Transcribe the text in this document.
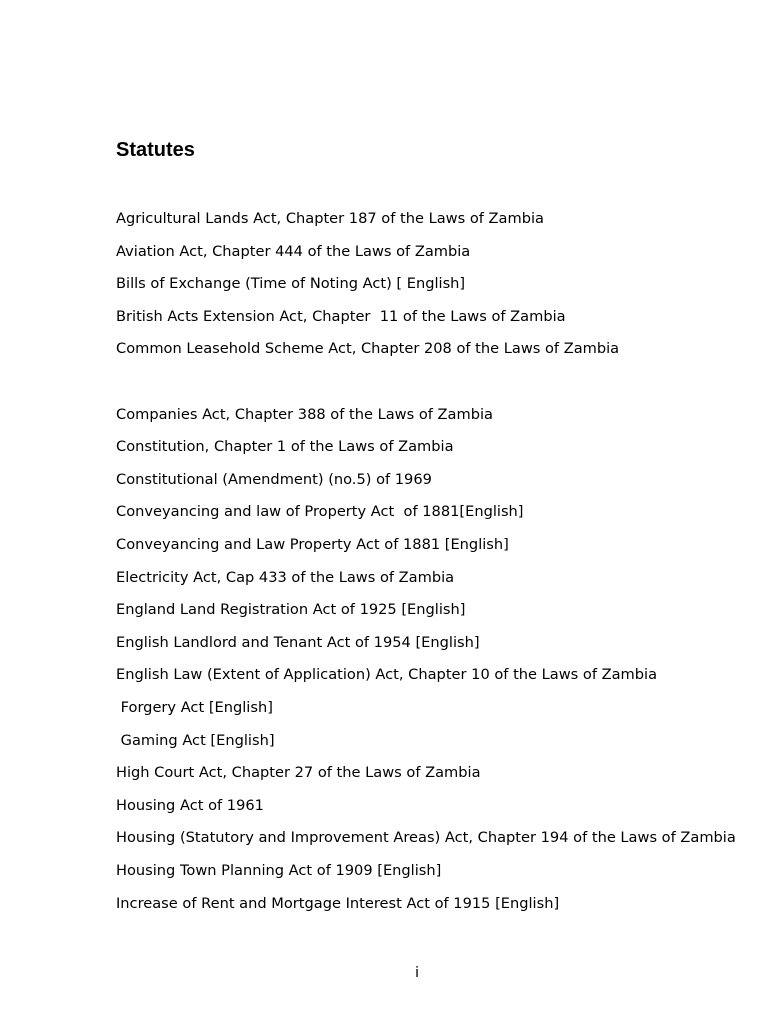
Statutes
Agricultural Lands Act, Chapter 187 of the Laws of Zambia
Aviation Act, Chapter 444 of the Laws of Zambia
Bills of Exchange (Time of Noting Act) [ English]
British Acts Extension Act, Chapter  11 of the Laws of Zambia
Common Leasehold Scheme Act, Chapter 208 of the Laws of Zambia
Companies Act, Chapter 388 of the Laws of Zambia
Constitution, Chapter 1 of the Laws of Zambia
Constitutional (Amendment) (no.5) of 1969
Conveyancing and law of Property Act  of 1881[English]
Conveyancing and Law Property Act of 1881 [English]
Electricity Act, Cap 433 of the Laws of Zambia
England Land Registration Act of 1925 [English]
English Landlord and Tenant Act of 1954 [English]
English Law (Extent of Application) Act, Chapter 10 of the Laws of Zambia
Forgery Act [English]
Gaming Act [English]
High Court Act, Chapter 27 of the Laws of Zambia
Housing Act of 1961
Housing (Statutory and Improvement Areas) Act, Chapter 194 of the Laws of Zambia
Housing Town Planning Act of 1909 [English]
Increase of Rent and Mortgage Interest Act of 1915 [English]
i
